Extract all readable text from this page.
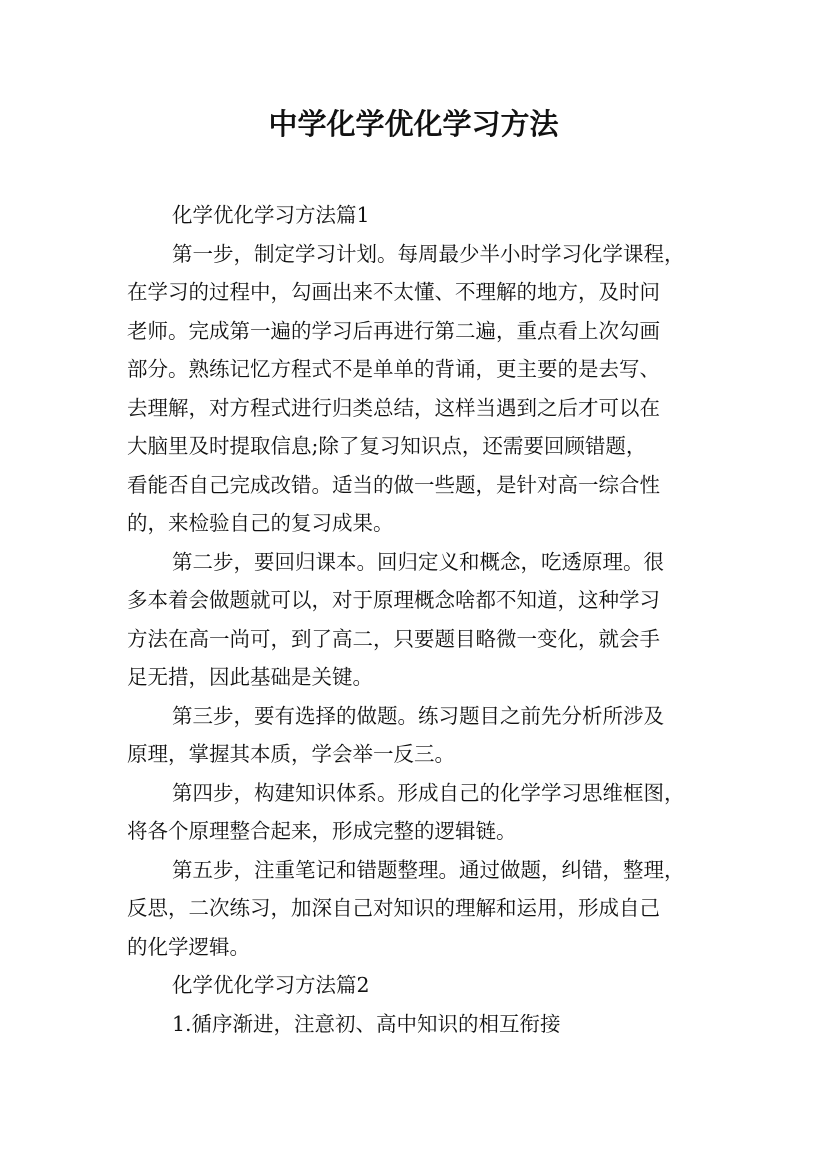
中学化学优化学习方法
化学优化学习方法篇1
第一步，制定学习计划。每周最少半小时学习化学课程，
在学习的过程中，勾画出来不太懂、不理解的地方，及时问
老师。完成第一遍的学习后再进行第二遍，重点看上次勾画
部分。熟练记忆方程式不是单单的背诵，更主要的是去写、
去理解，对方程式进行归类总结，这样当遇到之后才可以在
大脑里及时提取信息;除了复习知识点，还需要回顾错题，
看能否自己完成改错。适当的做一些题，是针对高一综合性
的，来检验自己的复习成果。
第二步，要回归课本。回归定义和概念，吃透原理。很
多本着会做题就可以，对于原理概念啥都不知道，这种学习
方法在高一尚可，到了高二，只要题目略微一变化，就会手
足无措，因此基础是关键。
第三步，要有选择的做题。练习题目之前先分析所涉及
原理，掌握其本质，学会举一反三。
第四步，构建知识体系。形成自己的化学学习思维框图，
将各个原理整合起来，形成完整的逻辑链。
第五步，注重笔记和错题整理。通过做题，纠错，整理，
反思，二次练习，加深自己对知识的理解和运用，形成自己
的化学逻辑。
化学优化学习方法篇2
1.循序渐进，注意初、高中知识的相互衔接
